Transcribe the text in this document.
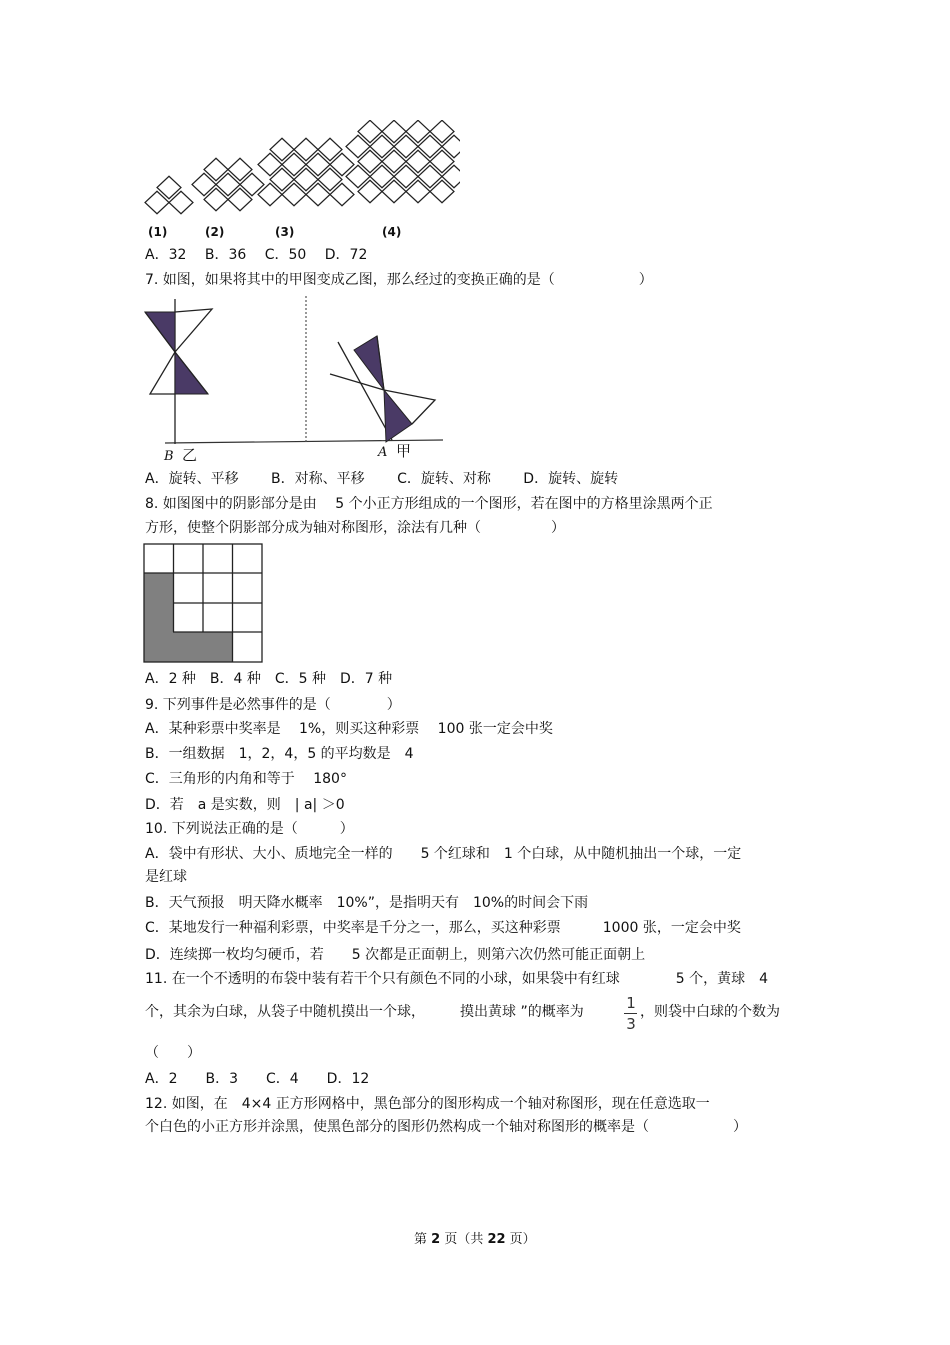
(1)	(2)	(3)	(4)
A．32　 B．36　 C．50　 D．72
7. 如图，如果将其中的甲图变成乙图，那么经过的变换正确的是（　　　　　　）
B 乙	A 甲
A．旋转、平移　　 B．对称、平移　　 C．旋转、对称　　 D．旋转、旋转
8. 如图图中的阴影部分是由　 5 个小正方形组成的一个图形，若在图中的方格里涂黑两个正
方形，使整个阴影部分成为轴对称图形，涂法有几种（　　　　　）
A．2 种　B．4 种　C．5 种　D．7 种
9. 下列事件是必然事件的是（　　　　）
A．某种彩票中奖率是　 1%，则买这种彩票　 100 张一定会中奖
B．一组数据　1，2，4，5 的平均数是　4
C．三角形的内角和等于　 180°
D．若　a 是实数，则　| a| ＞0
10. 下列说法正确的是（　　　）
A．袋中有形状、大小、质地完全一样的　　5 个红球和　1 个白球，从中随机抽出一个球，一定
是红球
B．天气预报　明天降水概率　10%”，是指明天有　10%的时间会下雨
C．某地发行一种福利彩票，中奖率是千分之一，那么，买这种彩票　　　1000 张，一定会中奖
D．连续掷一枚均匀硬币，若　　5 次都是正面朝上，则第六次仍然可能正面朝上
11. 在一个不透明的布袋中装有若干个只有颜色不同的小球，如果袋中有红球　　　　5 个，黄球　4
个，其余为白球，从袋子中随机摸出一个球，　　　摸出黄球 ”的概率为	1
3
，则袋中白球的个数为
（　　）
A．2　　B．3　　C．4　　D．12
12. 如图，在　4×4 正方形网格中，黑色部分的图形构成一个轴对称图形，现在任意选取一
个白色的小正方形并涂黑，使黑色部分的图形仍然构成一个轴对称图形的概率是（　　　　　　）
第 2 页（共 22 页）
